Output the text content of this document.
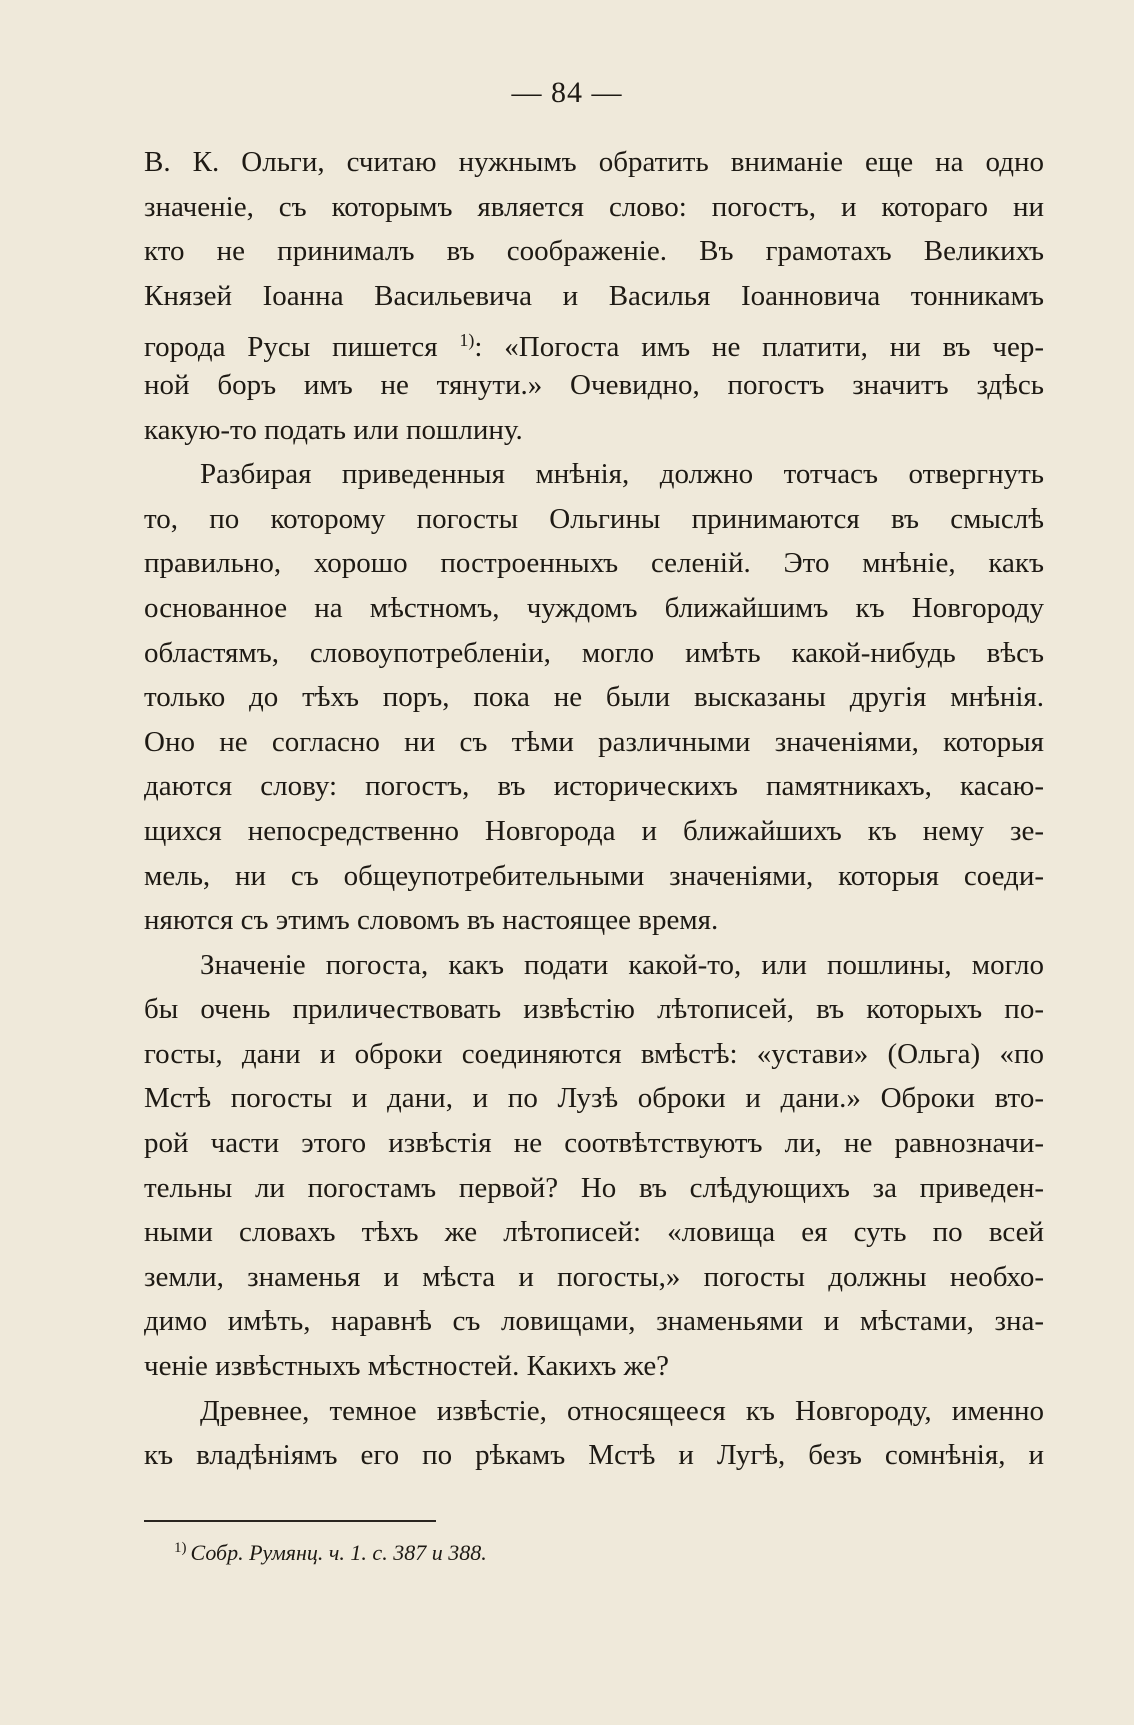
— 84 —
В. К. Ольги, считаю нужнымъ обратить вниманіе еще на одно
значеніе, съ которымъ является слово: погостъ, и котораго ни
кто не принималъ въ соображеніе. Въ грамотахъ Великихъ
Князей Іоанна Васильевича и Василья Іоанновича тонникамъ
города Русы пишется $^{1)}$: «Погоста имъ не платити, ни въ чер-
ной боръ имъ не тянути.» Очевидно, погостъ значитъ здѣсь
какую-то подать или пошлину.
Разбирая приведенныя мнѣнія, должно тотчасъ отвергнуть
то, по которому погосты Ольгины принимаются въ смыслѣ
правильно, хорошо построенныхъ селеній. Это мнѣніе, какъ
основанное на мѣстномъ, чуждомъ ближайшимъ къ Новгороду
областямъ, словоупотребленіи, могло имѣть какой-нибудь вѣсъ
только до тѣхъ поръ, пока не были высказаны другія мнѣнія.
Оно не согласно ни съ тѣми различными значеніями, которыя
даются слову: погостъ, въ историческихъ памятникахъ, касаю-
щихся непосредственно Новгорода и ближайшихъ къ нему зе-
мель, ни съ общеупотребительными значеніями, которыя соеди-
няются съ этимъ словомъ въ настоящее время.
Значеніе погоста, какъ подати какой-то, или пошлины, могло
бы очень приличествовать извѣстію лѣтописей, въ которыхъ по-
госты, дани и оброки соединяются вмѣстѣ: «устави» (Ольга) «по
Мстѣ погосты и дани, и по Лузѣ оброки и дани.» Оброки вто-
рой части этого извѣстія не соотвѣтствуютъ ли, не равнозначи-
тельны ли погостамъ первой? Но въ слѣдующихъ за приведен-
ными словахъ тѣхъ же лѣтописей: «ловища ея суть по всей
земли, знаменья и мѣста и погосты,» погосты должны необхо-
димо имѣть, наравнѣ съ ловищами, знаменьями и мѣстами, зна-
ченіе извѣстныхъ мѣстностей. Какихъ же?
Древнее, темное извѣстіе, относящееся къ Новгороду, именно
къ владѣніямъ его по рѣкамъ Мстѣ и Лугѣ, безъ сомнѣнія, и
$^{1)}$ Собр. Румянц. ч. 1. с. 387 и 388.
